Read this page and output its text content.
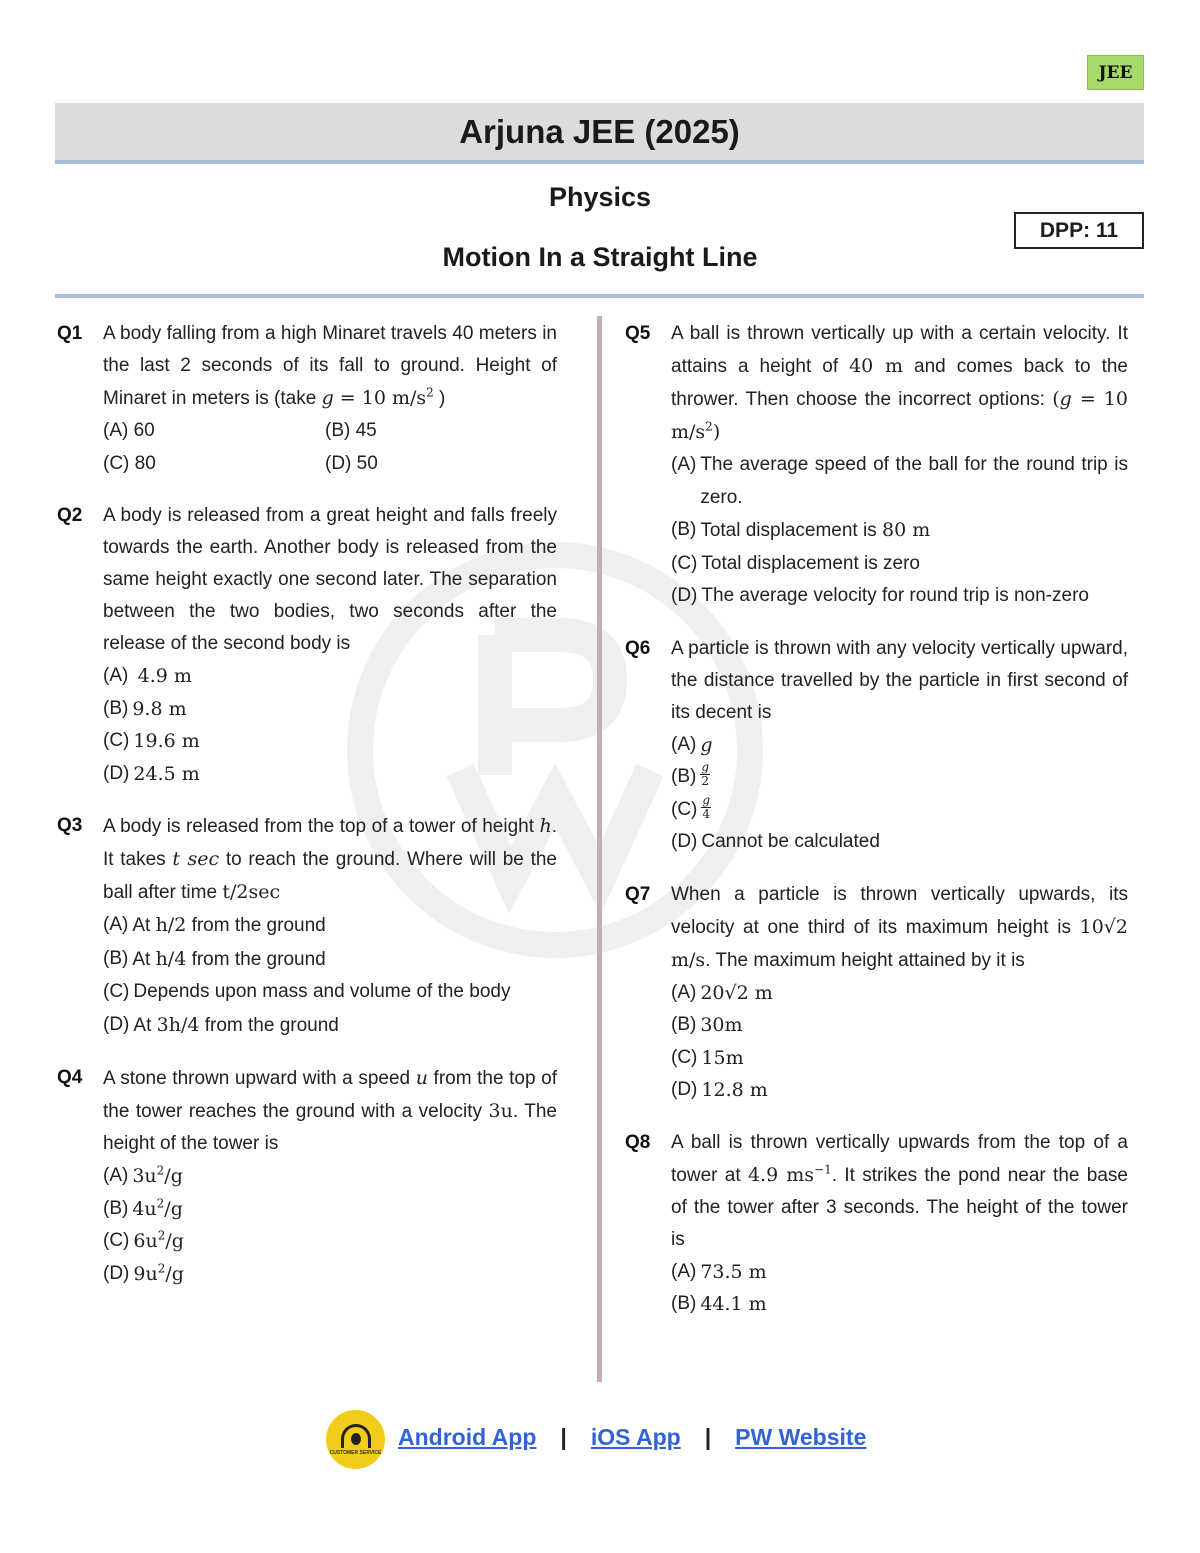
JEE
Arjuna JEE (2025)
Physics
Motion In a Straight Line
DPP: 11
Q1	A body falling from a high Minaret travels 40 meters in the last 2 seconds of its fall to ground. Height of Minaret in meters is (take g = 10 $m/s^2$ )
(A) 60	(B) 45
(C) 80	(D) 50
Q2	A body is released from a great height and falls freely towards the earth. Another body is released from the same height exactly one second later. The separation between the two bodies, two seconds after the release of the second body is
(A)
4.9 m
(B) 9.8 m
(C) 19.6 m
(D) 24.5 m
Q3	A body is released from the top of a tower of height h. It takes t sec to reach the ground. Where will be the ball after time t/2sec
(A) At h/2 from the ground
(B) At h/4 from the ground
(C) Depends upon mass and volume of the body
(D) At 3h/4 from the ground
Q4	A stone thrown upward with a speed u from the top of the tower reaches the ground with a velocity 3u. The height of the tower is
(A) $3u^2/g$
(B) $4u^2/g$
(C) $6u^2/g$
(D) $9u^2/g$
Q5	A ball is thrown vertically up with a certain velocity. It attains a height of 40 m and comes back to the thrower. Then choose the incorrect options: (g = 10 $m/s^2$)
(A) The average speed of the ball for the round trip is zero.
(B) Total displacement is 80 m
(C) Total displacement is zero
(D) The average velocity for round trip is non-zero
Q6	A particle is thrown with any velocity vertically upward, the distance travelled by the particle in first second of its decent is
(A) g
$(B) \frac{g}{2}$
$(C) \frac{g}{4}$
(D) Cannot be calculated
Q7	When a particle is thrown vertically upwards, its velocity at one third of its maximum height is 10√2 m/s. The maximum height attained by it is
(A) 20√2 m
(B) 30m
(C) 15m
(D) 12.8 m
Q8	A ball is thrown vertically upwards from the top of a tower at 4.9 $ms^{-1}$. It strikes the pond near the base of the tower after 3 seconds. The height of the tower is
(A) 73.5 m
(B) 44.1 m
CUSTOMER SERVICE
Android App | iOS App | PW Website
